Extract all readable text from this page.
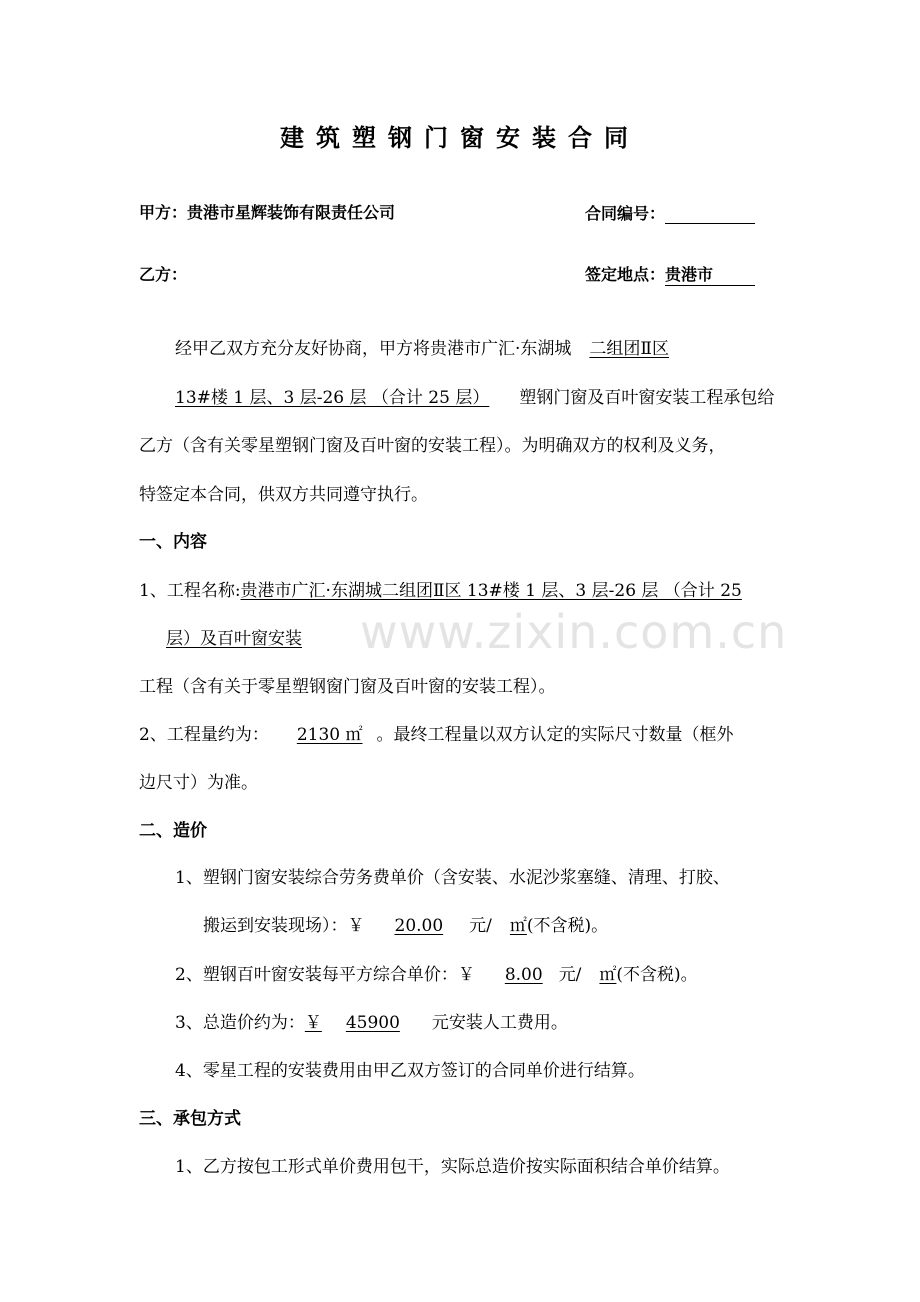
建筑塑钢门窗安装合同
甲方：贵港市星辉装饰有限责任公司	合同编号：
乙方：	签定地点：贵港市
经甲乙双方充分友好协商，甲方将贵港市广汇·东湖城 二组团Ⅱ区
13#楼 1 层、3 层-26 层 （合计 25 层） 塑钢门窗及百叶窗安装工程承包给
乙方（含有关零星塑钢门窗及百叶窗的安装工程）。为明确双方的权利及义务，
特签定本合同，供双方共同遵守执行。
一、内容
1、工程名称:贵港市广汇·东湖城二组团Ⅱ区 13#楼 1 层、3 层-26 层 （合计 25
层）及百叶窗安装
工程（含有关于零星塑钢窗门窗及百叶窗的安装工程）。
2、工程量约为： 2130 ㎡ 。最终工程量以双方认定的实际尺寸数量（框外
边尺寸）为准。
二、造价
1、塑钢门窗安装综合劳务费单价（含安装、水泥沙浆塞缝、清理、打胶、
搬运到安装现场）：￥ 20.00 元/ ㎡(不含税)。
2、塑钢百叶窗安装每平方综合单价：￥ 8.00 元/ ㎡(不含税)。
3、总造价约为：￥ 45900 元安装人工费用。
4、零星工程的安装费用由甲乙双方签订的合同单价进行结算。
三、承包方式
1、乙方按包工形式单价费用包干，实际总造价按实际面积结合单价结算。
www.zixin.com.cn
